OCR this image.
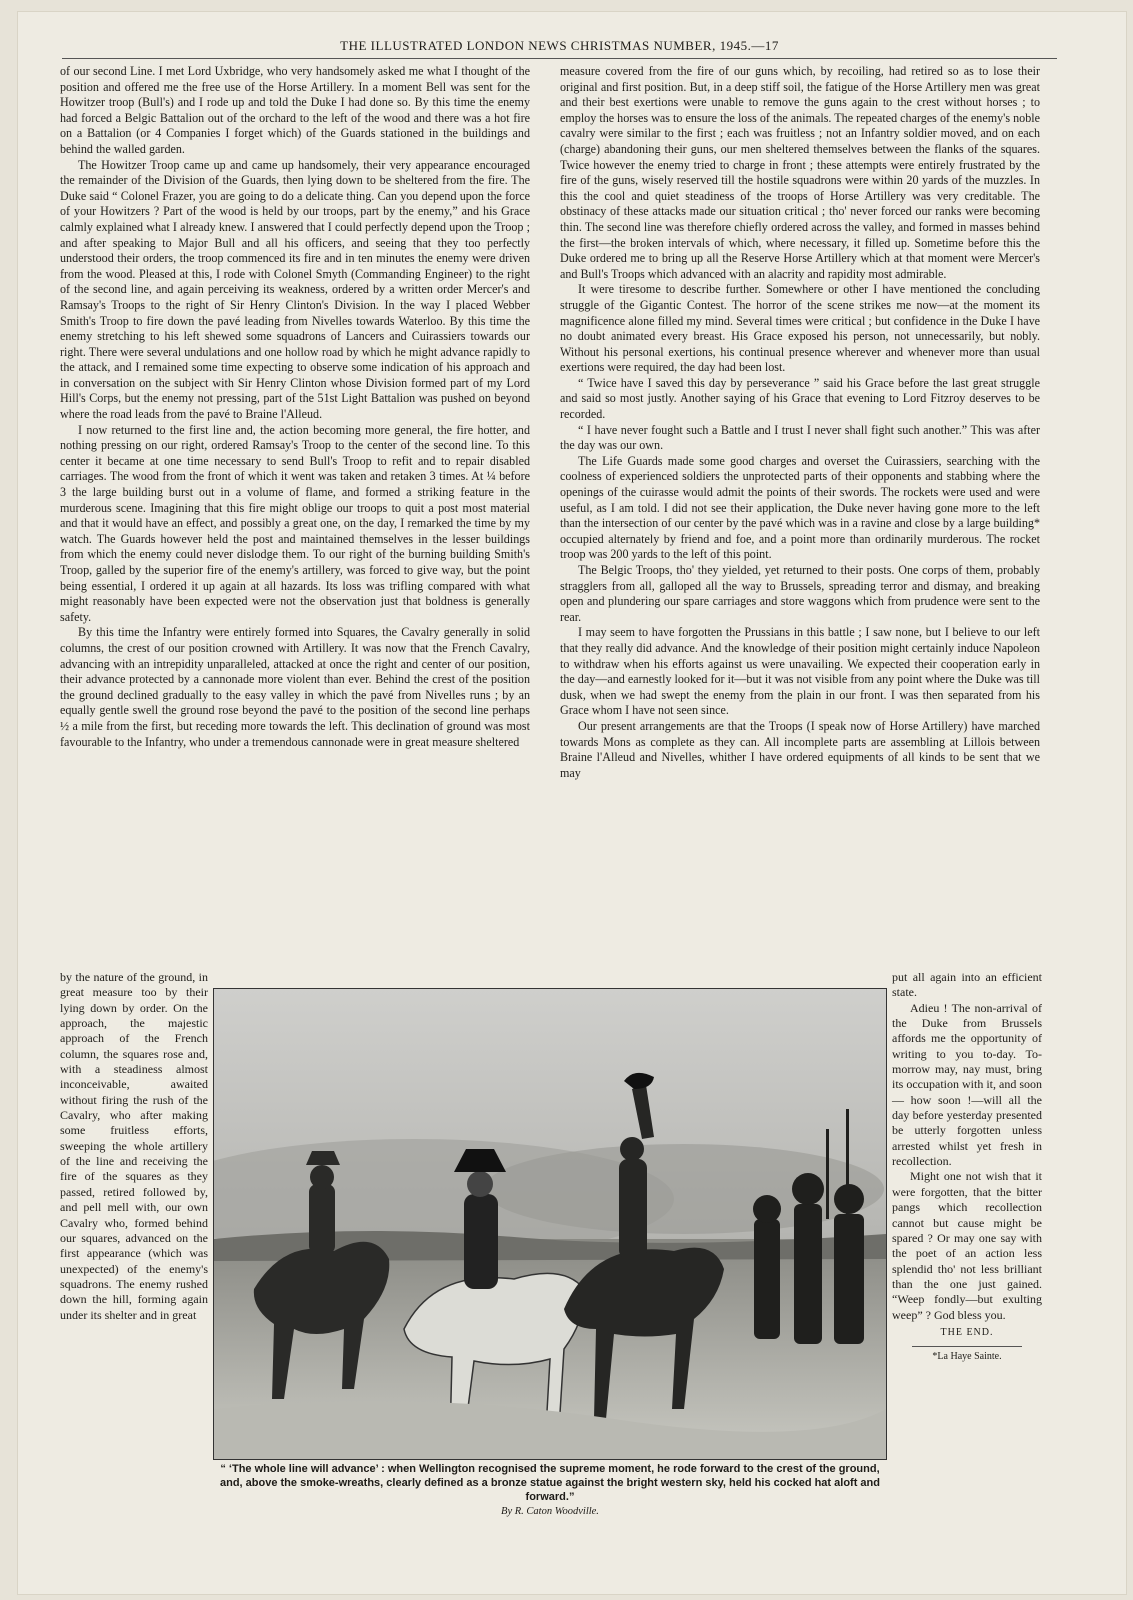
THE ILLUSTRATED LONDON NEWS CHRISTMAS NUMBER, 1945.—17

of our second Line. I met Lord Uxbridge, who very handsomely asked me what I thought of the position and offered me the free use of the Horse Artillery. In a moment Bell was sent for the Howitzer troop (Bull's) and I rode up and told the Duke I had done so. By this time the enemy had forced a Belgic Battalion out of the orchard to the left of the wood and there was a hot fire on a Battalion (or 4 Companies I forget which) of the Guards stationed in the buildings and behind the walled garden.

The Howitzer Troop came up and came up handsomely, their very appearance encouraged the remainder of the Division of the Guards, then lying down to be sheltered from the fire. The Duke said “ Colonel Frazer, you are going to do a delicate thing. Can you depend upon the force of your Howitzers ? Part of the wood is held by our troops, part by the enemy,” and his Grace calmly explained what I already knew. I answered that I could perfectly depend upon the Troop ; and after speaking to Major Bull and all his officers, and seeing that they too perfectly understood their orders, the troop commenced its fire and in ten minutes the enemy were driven from the wood. Pleased at this, I rode with Colonel Smyth (Commanding Engineer) to the right of the second line, and again perceiving its weakness, ordered by a written order Mercer's and Ramsay's Troops to the right of Sir Henry Clinton's Division. In the way I placed Webber Smith's Troop to fire down the pavé leading from Nivelles towards Waterloo. By this time the enemy stretching to his left shewed some squadrons of Lancers and Cuirassiers towards our right. There were several undulations and one hollow road by which he might advance rapidly to the attack, and I remained some time expecting to observe some indication of his approach and in conversation on the subject with Sir Henry Clinton whose Division formed part of my Lord Hill's Corps, but the enemy not pressing, part of the 51st Light Battalion was pushed on beyond where the road leads from the pavé to Braine l'Alleud.

I now returned to the first line and, the action becoming more general, the fire hotter, and nothing pressing on our right, ordered Ramsay's Troop to the center of the second line. To this center it became at one time necessary to send Bull's Troop to refit and to repair disabled carriages. The wood from the front of which it went was taken and retaken 3 times. At ¼ before 3 the large building burst out in a volume of flame, and formed a striking feature in the murderous scene. Imagining that this fire might oblige our troops to quit a post most material and that it would have an effect, and possibly a great one, on the day, I remarked the time by my watch. The Guards however held the post and maintained themselves in the lesser buildings from which the enemy could never dislodge them. To our right of the burning building Smith's Troop, galled by the superior fire of the enemy's artillery, was forced to give way, but the point being essential, I ordered it up again at all hazards. Its loss was trifling compared with what might reasonably have been expected were not the observation just that boldness is generally safety.

By this time the Infantry were entirely formed into Squares, the Cavalry generally in solid columns, the crest of our position crowned with Artillery. It was now that the French Cavalry, advancing with an intrepidity unparalleled, attacked at once the right and center of our position, their advance protected by a cannonade more violent than ever. Behind the crest of the position the ground declined gradually to the easy valley in which the pavé from Nivelles runs ; by an equally gentle swell the ground rose beyond the pavé to the position of the second line perhaps ½ a mile from the first, but receding more towards the left. This declination of ground was most favourable to the Infantry, who under a tremendous cannonade were in great measure sheltered

by the nature of the ground, in great measure too by their lying down by order. On the approach, the majestic approach of the French column, the squares rose and, with a steadiness almost inconceivable, awaited without firing the rush of the Cavalry, who after making some fruitless efforts, sweeping the whole artillery of the line and receiving the fire of the squares as they passed, retired followed by, and pell mell with, our own Cavalry who, formed behind our squares, advanced on the first appearance (which was unexpected) of the enemy's squadrons. The enemy rushed down the hill, forming again under its shelter and in great

measure covered from the fire of our guns which, by recoiling, had retired so as to lose their original and first position. But, in a deep stiff soil, the fatigue of the Horse Artillery men was great and their best exertions were unable to remove the guns again to the crest without horses ; to employ the horses was to ensure the loss of the animals. The repeated charges of the enemy's noble cavalry were similar to the first ; each was fruitless ; not an Infantry soldier moved, and on each (charge) abandoning their guns, our men sheltered themselves between the flanks of the squares. Twice however the enemy tried to charge in front ; these attempts were entirely frustrated by the fire of the guns, wisely reserved till the hostile squadrons were within 20 yards of the muzzles. In this the cool and quiet steadiness of the troops of Horse Artillery was very creditable. The obstinacy of these attacks made our situation critical ; tho' never forced our ranks were becoming thin. The second line was therefore chiefly ordered across the valley, and formed in masses behind the first—the broken intervals of which, where necessary, it filled up. Sometime before this the Duke ordered me to bring up all the Reserve Horse Artillery which at that moment were Mercer's and Bull's Troops which advanced with an alacrity and rapidity most admirable.

It were tiresome to describe further. Somewhere or other I have mentioned the concluding struggle of the Gigantic Contest. The horror of the scene strikes me now—at the moment its magnificence alone filled my mind. Several times were critical ; but confidence in the Duke I have no doubt animated every breast. His Grace exposed his person, not unnecessarily, but nobly. Without his personal exertions, his continual presence wherever and whenever more than usual exertions were required, the day had been lost.

“ Twice have I saved this day by perseverance ” said his Grace before the last great struggle and said so most justly. Another saying of his Grace that evening to Lord Fitzroy deserves to be recorded.

“ I have never fought such a Battle and I trust I never shall fight such another.” This was after the day was our own.

The Life Guards made some good charges and overset the Cuirassiers, searching with the coolness of experienced soldiers the unprotected parts of their opponents and stabbing where the openings of the cuirasse would admit the points of their swords. The rockets were used and were useful, as I am told. I did not see their application, the Duke never having gone more to the left than the intersection of our center by the pavé which was in a ravine and close by a large building* occupied alternately by friend and foe, and a point more than ordinarily murderous. The rocket troop was 200 yards to the left of this point.

The Belgic Troops, tho' they yielded, yet returned to their posts. One corps of them, probably stragglers from all, galloped all the way to Brussels, spreading terror and dismay, and breaking open and plundering our spare carriages and store waggons which from prudence were sent to the rear.

I may seem to have forgotten the Prussians in this battle ; I saw none, but I believe to our left that they really did advance. And the knowledge of their position might certainly induce Napoleon to withdraw when his efforts against us were unavailing. We expected their cooperation early in the day—and earnestly looked for it—but it was not visible from any point where the Duke was till dusk, when we had swept the enemy from the plain in our front. I was then separated from his Grace whom I have not seen since.

Our present arrangements are that the Troops (I speak now of Horse Artillery) have marched towards Mons as complete as they can. All incomplete parts are assembling at Lillois between Braine l'Alleud and Nivelles, whither I have ordered equipments of all kinds to be sent that we may

put all again into an efficient state.

Adieu ! The non-arrival of the Duke from Brussels affords me the opportunity of writing to you to-day. To-morrow may, nay must, bring its occupation with it, and soon — how soon !—will all the day before yesterday presented be utterly forgotten unless arrested whilst yet fresh in recollection.

Might one not wish that it were forgotten, that the bitter pangs which recollection cannot but cause might be spared ? Or may one say with the poet of an action less splendid tho' not less brilliant than the one just gained. “Weep fondly—but exulting weep” ? God bless you.

THE END.
*La Haye Sainte.
“ ‘The whole line will advance’ : when Wellington recognised the supreme moment, he rode forward to the crest of the ground, and, above the smoke-wreaths, clearly defined as a bronze statue against the bright western sky, held his cocked hat aloft and forward.”
By R. Caton Woodville.
